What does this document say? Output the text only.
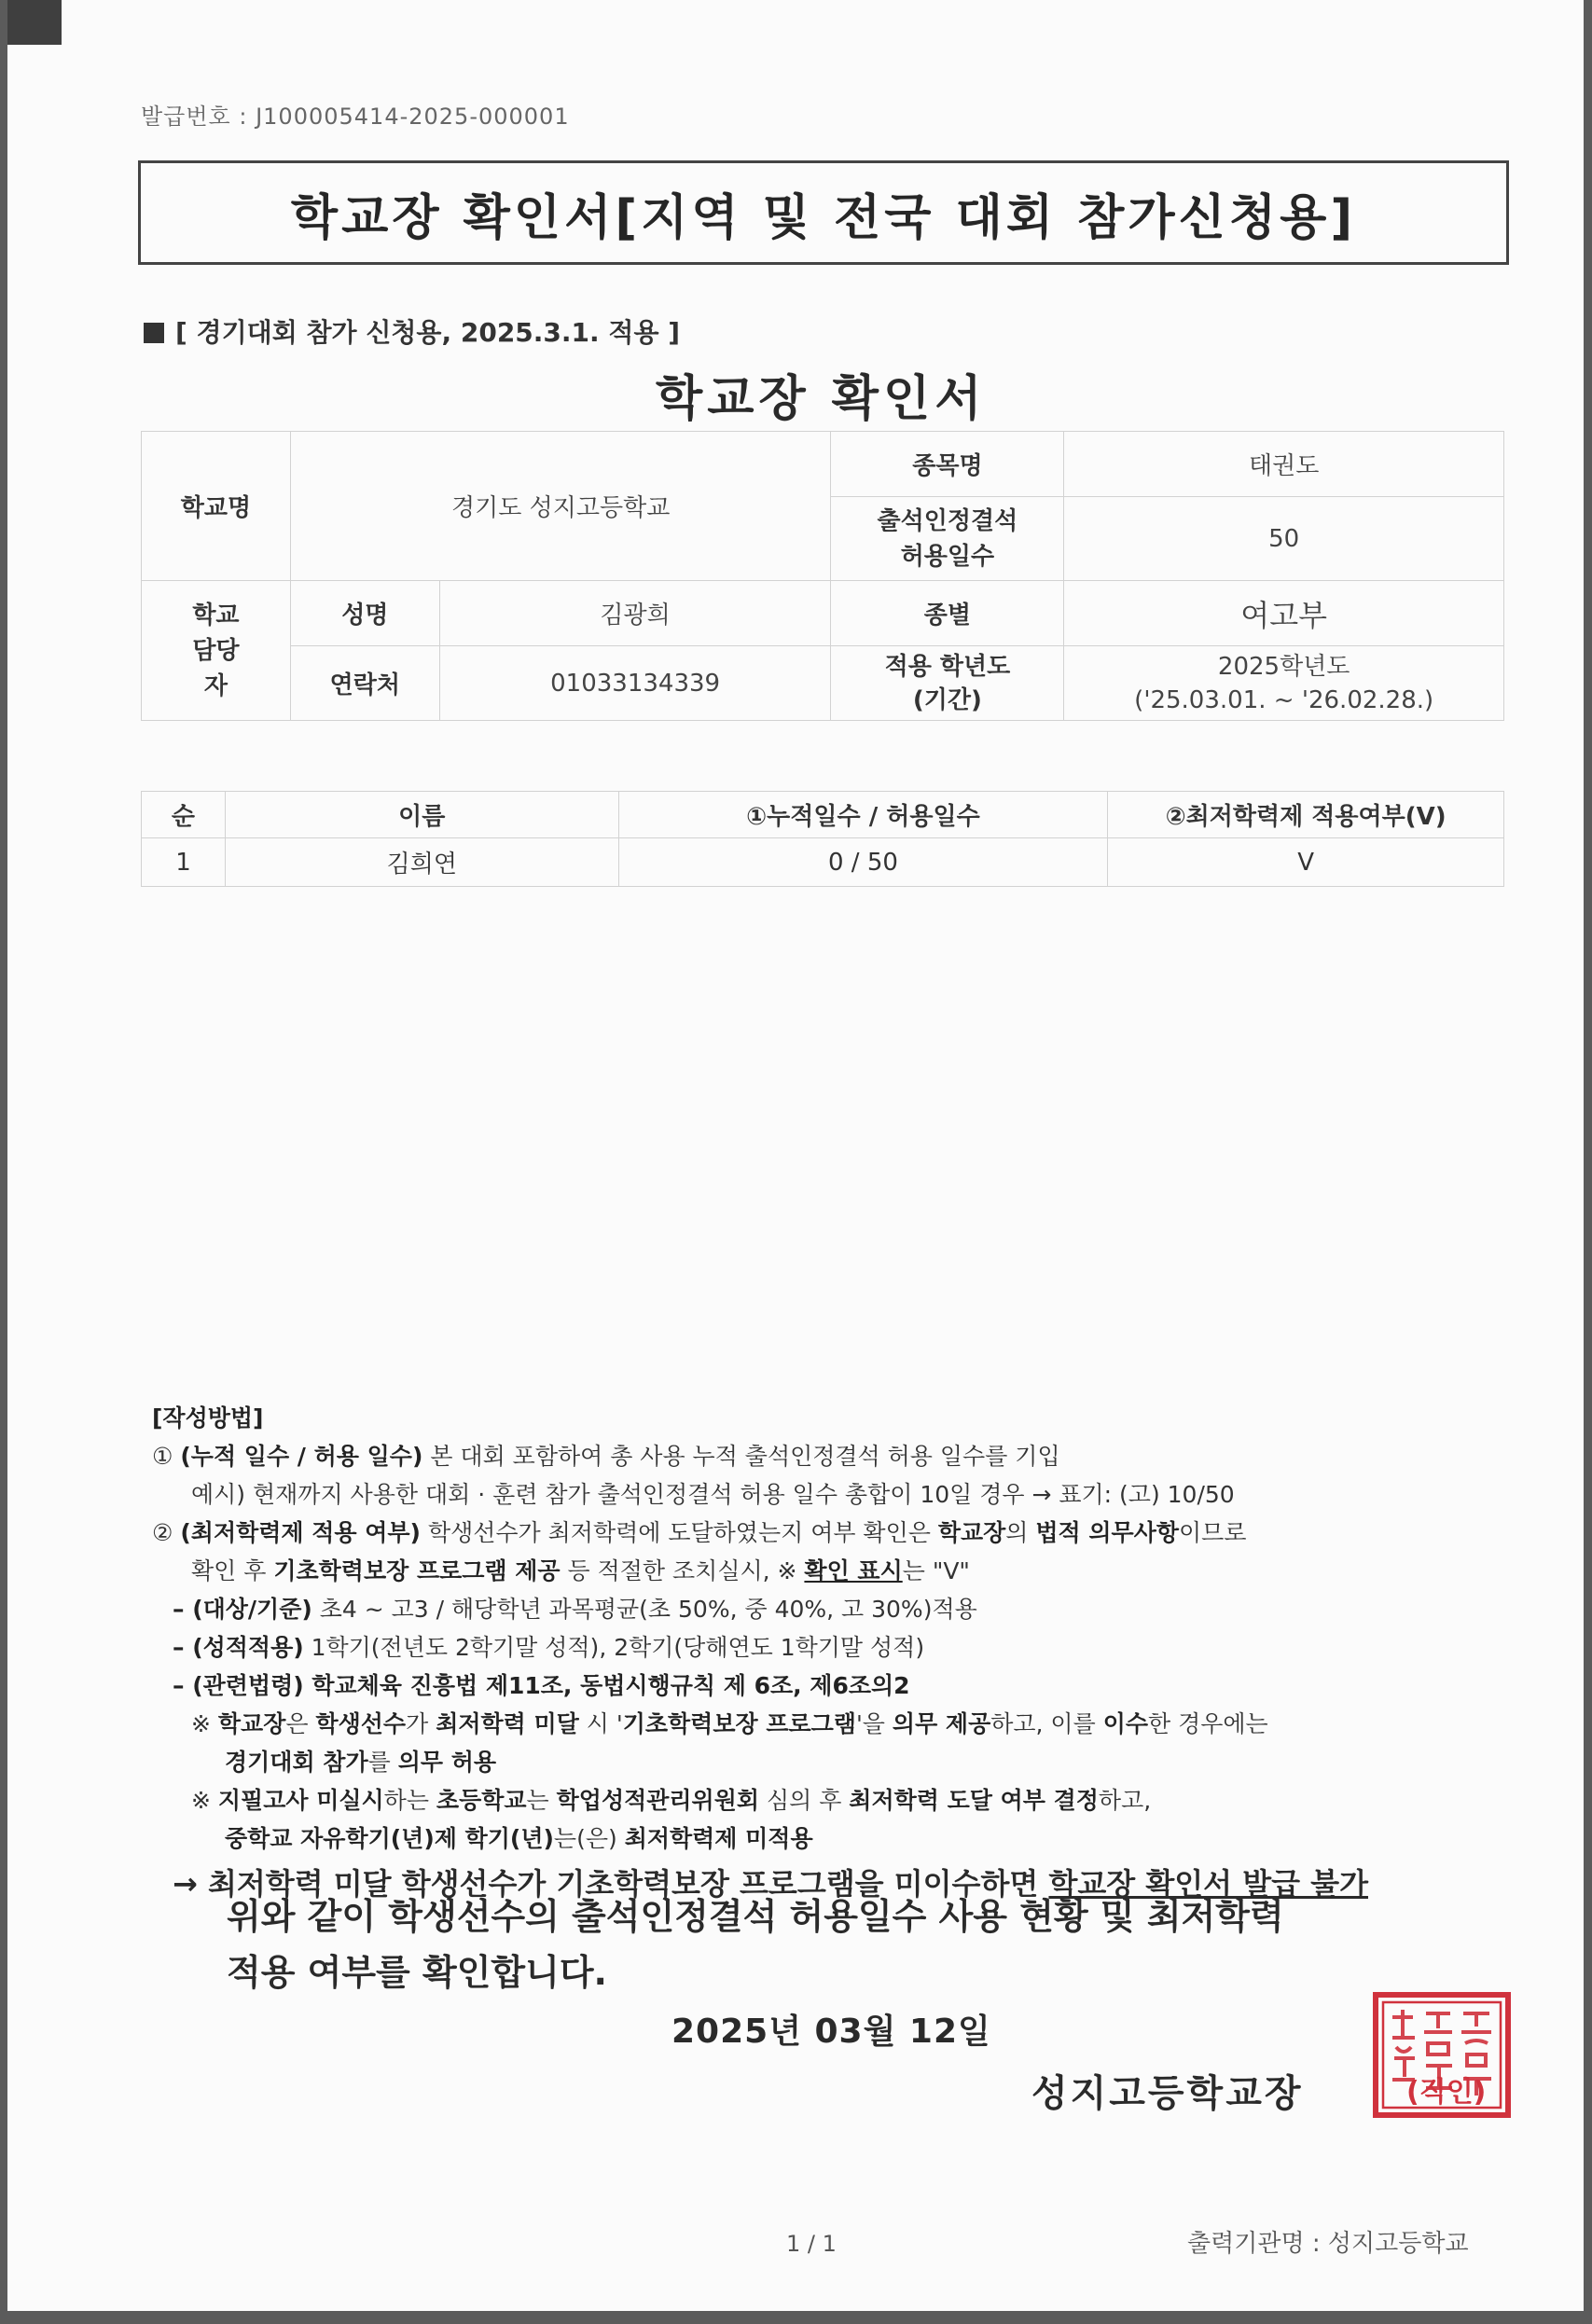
발급번호 : J100005414-2025-000001
학교장 확인서[지역 및 전국 대회 참가신청용]
[ 경기대회 참가 신청용, 2025.3.1. 적용 ]
학교장 확인서
학교명	경기도 성지고등학교		종목명	태권도
			출석인정결석 허용일수	50

학교 담당자	성명	김광희	종별	여고부
	연락처	01033134339	적용 학년도 (기간)	2025학년도
('25.03.01. ~ '26.02.28.)
순	이름	①누적일수 / 허용일수	②최저학력제 적용여부(V)
1	김희연	0 / 50	V
[작성방법]
① (누적 일수 / 허용 일수) 본 대회 포함하여 총 사용 누적 출석인정결석 허용 일수를 기입
예시) 현재까지 사용한 대회 · 훈련 참가 출석인정결석 허용 일수 총합이 10일 경우 → 표기: (고) 10/50
② (최저학력제 적용 여부) 학생선수가 최저학력에 도달하였는지 여부 확인은 학교장의 법적 의무사항이므로
확인 후 기초학력보장 프로그램 제공 등 적절한 조치실시, ※ 확인 표시는 "V"
– (대상/기준) 초4 ~ 고3 / 해당학년 과목평균(초 50%, 중 40%, 고 30%)적용
– (성적적용) 1학기(전년도 2학기말 성적), 2학기(당해연도 1학기말 성적)
– (관련법령) 학교체육 진흥법 제11조, 동법시행규칙 제 6조, 제6조의2
※ 학교장은 학생선수가 최저학력 미달 시 '기초학력보장 프로그램'을 의무 제공하고, 이를 이수한 경우에는
경기대회 참가를 의무 허용
※ 지필고사 미실시하는 초등학교는 학업성적관리위원회 심의 후 최저학력 도달 여부 결정하고,
중학교 자유학기(년)제 학기(년)는(은) 최저학력제 미적용
→ 최저학력 미달 학생선수가 기초학력보장 프로그램을 미이수하면 학교장 확인서 발급 불가
위와 같이 학생선수의 출석인정결석 허용일수 사용 현황 및 최저학력
적용 여부를 확인합니다.
2025년 03월 12일
성지고등학교장	(직인)
1 / 1	출력기관명 : 성지고등학교
